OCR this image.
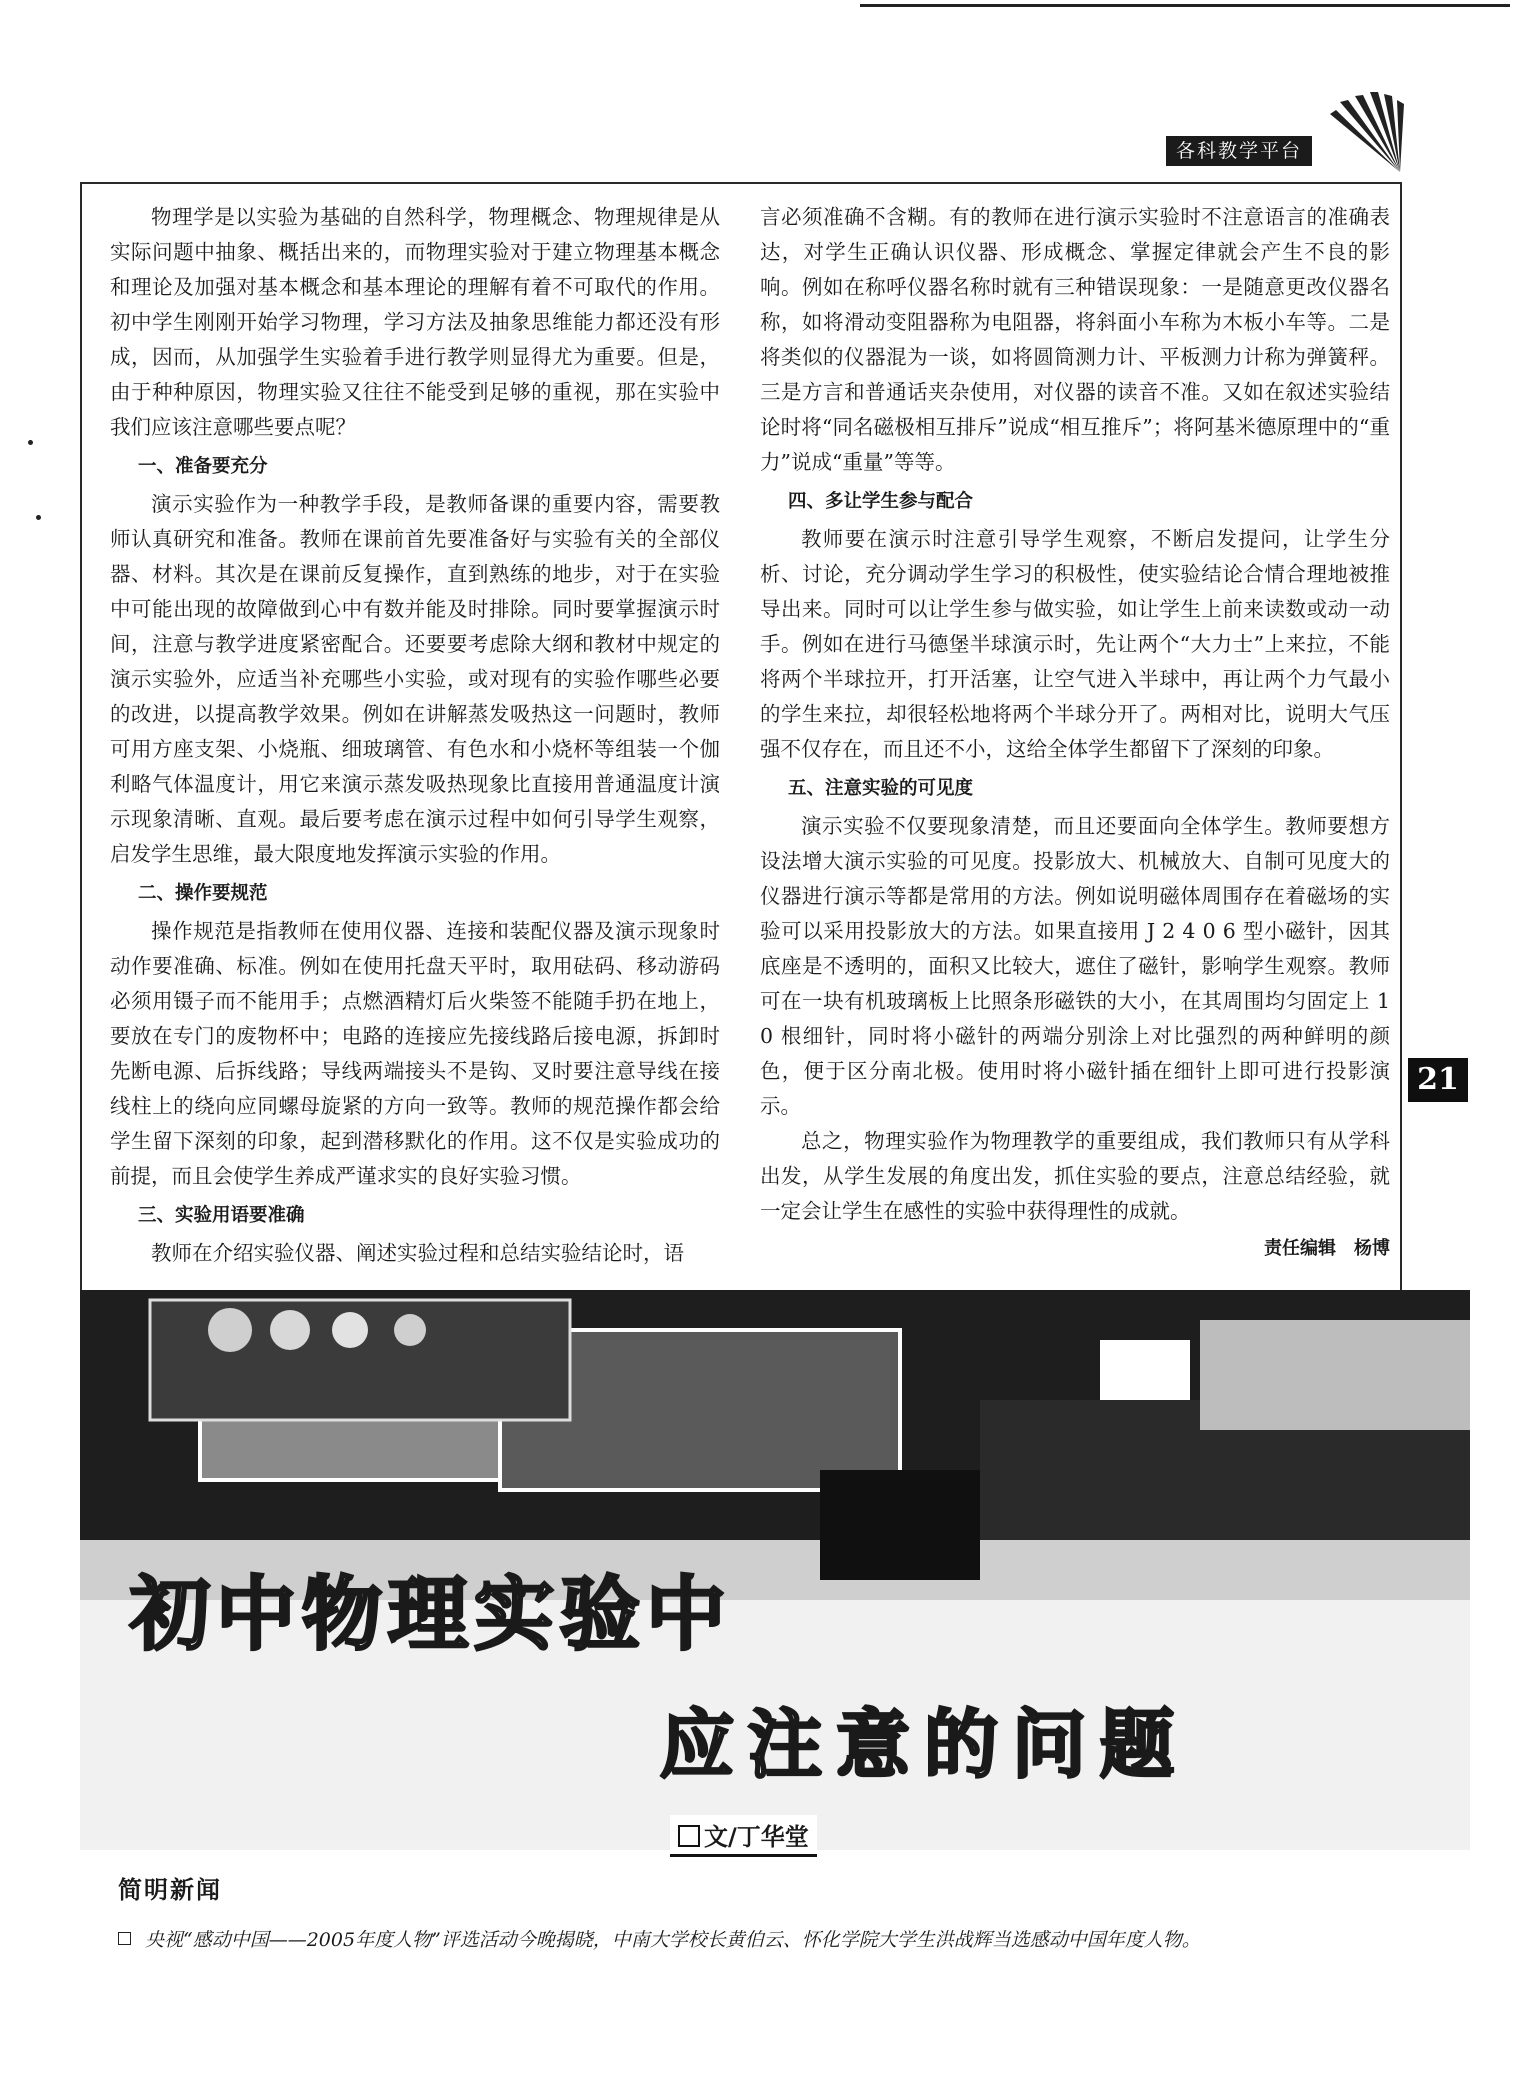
各科教学平台

物理学是以实验为基础的自然科学，物理概念、物理规律是从实际问题中抽象、概括出来的，而物理实验对于建立物理基本概念和理论及加强对基本概念和基本理论的理解有着不可取代的作用。初中学生刚刚开始学习物理，学习方法及抽象思维能力都还没有形成，因而，从加强学生实验着手进行教学则显得尤为重要。但是，由于种种原因，物理实验又往往不能受到足够的重视，那在实验中我们应该注意哪些要点呢？

一、准备要充分

演示实验作为一种教学手段，是教师备课的重要内容，需要教师认真研究和准备。教师在课前首先要准备好与实验有关的全部仪器、材料。其次是在课前反复操作，直到熟练的地步，对于在实验中可能出现的故障做到心中有数并能及时排除。同时要掌握演示时间，注意与教学进度紧密配合。还要要考虑除大纲和教材中规定的演示实验外，应适当补充哪些小实验，或对现有的实验作哪些必要的改进，以提高教学效果。例如在讲解蒸发吸热这一问题时，教师可用方座支架、小烧瓶、细玻璃管、有色水和小烧杯等组装一个伽利略气体温度计，用它来演示蒸发吸热现象比直接用普通温度计演示现象清晰、直观。最后要考虑在演示过程中如何引导学生观察，启发学生思维，最大限度地发挥演示实验的作用。

二、操作要规范

操作规范是指教师在使用仪器、连接和装配仪器及演示现象时动作要准确、标准。例如在使用托盘天平时，取用砝码、移动游码必须用镊子而不能用手；点燃酒精灯后火柴签不能随手扔在地上，要放在专门的废物杯中；电路的连接应先接线路后接电源，拆卸时先断电源、后拆线路；导线两端接头不是钩、叉时要注意导线在接线柱上的绕向应同螺母旋紧的方向一致等。教师的规范操作都会给学生留下深刻的印象，起到潜移默化的作用。这不仅是实验成功的前提，而且会使学生养成严谨求实的良好实验习惯。

三、实验用语要准确

教师在介绍实验仪器、阐述实验过程和总结实验结论时，语

言必须准确不含糊。有的教师在进行演示实验时不注意语言的准确表达，对学生正确认识仪器、形成概念、掌握定律就会产生不良的影响。例如在称呼仪器名称时就有三种错误现象：一是随意更改仪器名称，如将滑动变阻器称为电阻器，将斜面小车称为木板小车等。二是将类似的仪器混为一谈，如将圆筒测力计、平板测力计称为弹簧秤。三是方言和普通话夹杂使用，对仪器的读音不准。又如在叙述实验结论时将“同名磁极相互排斥”说成“相互推斥”；将阿基米德原理中的“重力”说成“重量”等等。

四、多让学生参与配合

教师要在演示时注意引导学生观察，不断启发提问，让学生分析、讨论，充分调动学生学习的积极性，使实验结论合情合理地被推导出来。同时可以让学生参与做实验，如让学生上前来读数或动一动手。例如在进行马德堡半球演示时，先让两个“大力士”上来拉，不能将两个半球拉开，打开活塞，让空气进入半球中，再让两个力气最小的学生来拉，却很轻松地将两个半球分开了。两相对比，说明大气压强不仅存在，而且还不小，这给全体学生都留下了深刻的印象。

五、注意实验的可见度

演示实验不仅要现象清楚，而且还要面向全体学生。教师要想方设法增大演示实验的可见度。投影放大、机械放大、自制可见度大的仪器进行演示等都是常用的方法。例如说明磁体周围存在着磁场的实验可以采用投影放大的方法。如果直接用 J 2 4 0 6 型小磁针，因其底座是不透明的，面积又比较大，遮住了磁针，影响学生观察。教师可在一块有机玻璃板上比照条形磁铁的大小，在其周围均匀固定上 1 0 根细针，同时将小磁针的两端分别涂上对比强烈的两种鲜明的颜色，便于区分南北极。使用时将小磁针插在细针上即可进行投影演示。

总之，物理实验作为物理教学的重要组成，我们教师只有从学科出发，从学生发展的角度出发，抓住实验的要点，注意总结经验，就一定会让学生在感性的实验中获得理性的成就。

责任编辑　杨博
21
初中物理实验中
应注意的问题
文/丁华堂
简明新闻
央视“感动中国——2005年度人物”评选活动今晚揭晓，中南大学校长黄伯云、怀化学院大学生洪战辉当选感动中国年度人物。
